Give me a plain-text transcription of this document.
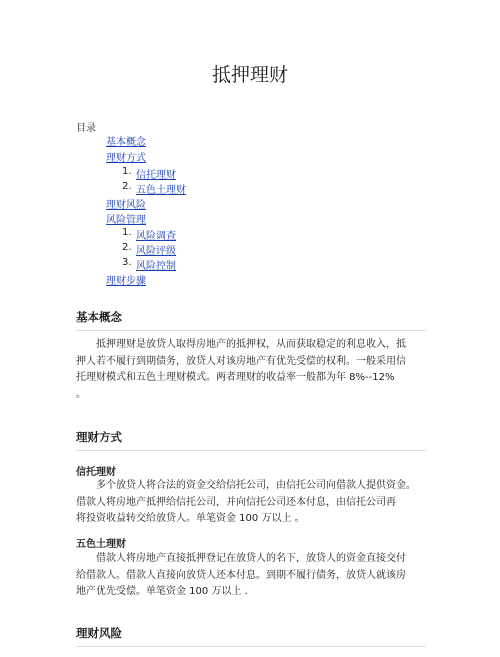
抵押理财
目录
基本概念
理财方式
1. 信托理财
2. 五色土理财
理财风险
风险管理
1. 风险调查
2. 风险评级
3. 风险控制
理财步骤
基本概念
抵押理财是放贷人取得房地产的抵押权，从而获取稳定的利息收入，抵
押人若不履行到期债务，放贷人对该房地产有优先受偿的权利。一般采用信
托理财模式和五色土理财模式。两者理财的收益率一般都为年 8%--12%
。
理财方式
信托理财
多个放贷人将合法的资金交给信托公司，由信托公司向借款人提供资金。
借款人将房地产抵押给信托公司，并向信托公司还本付息，由信托公司再
将投资收益转交给放贷人。单笔资金 100 万以上 。
五色土理财
借款人将房地产直接抵押登记在放贷人的名下，放贷人的资金直接交付
给借款人。借款人直接向放贷人还本付息。到期不履行债务，放贷人就该房
地产优先受偿。单笔资金 100 万以上 .
理财风险
